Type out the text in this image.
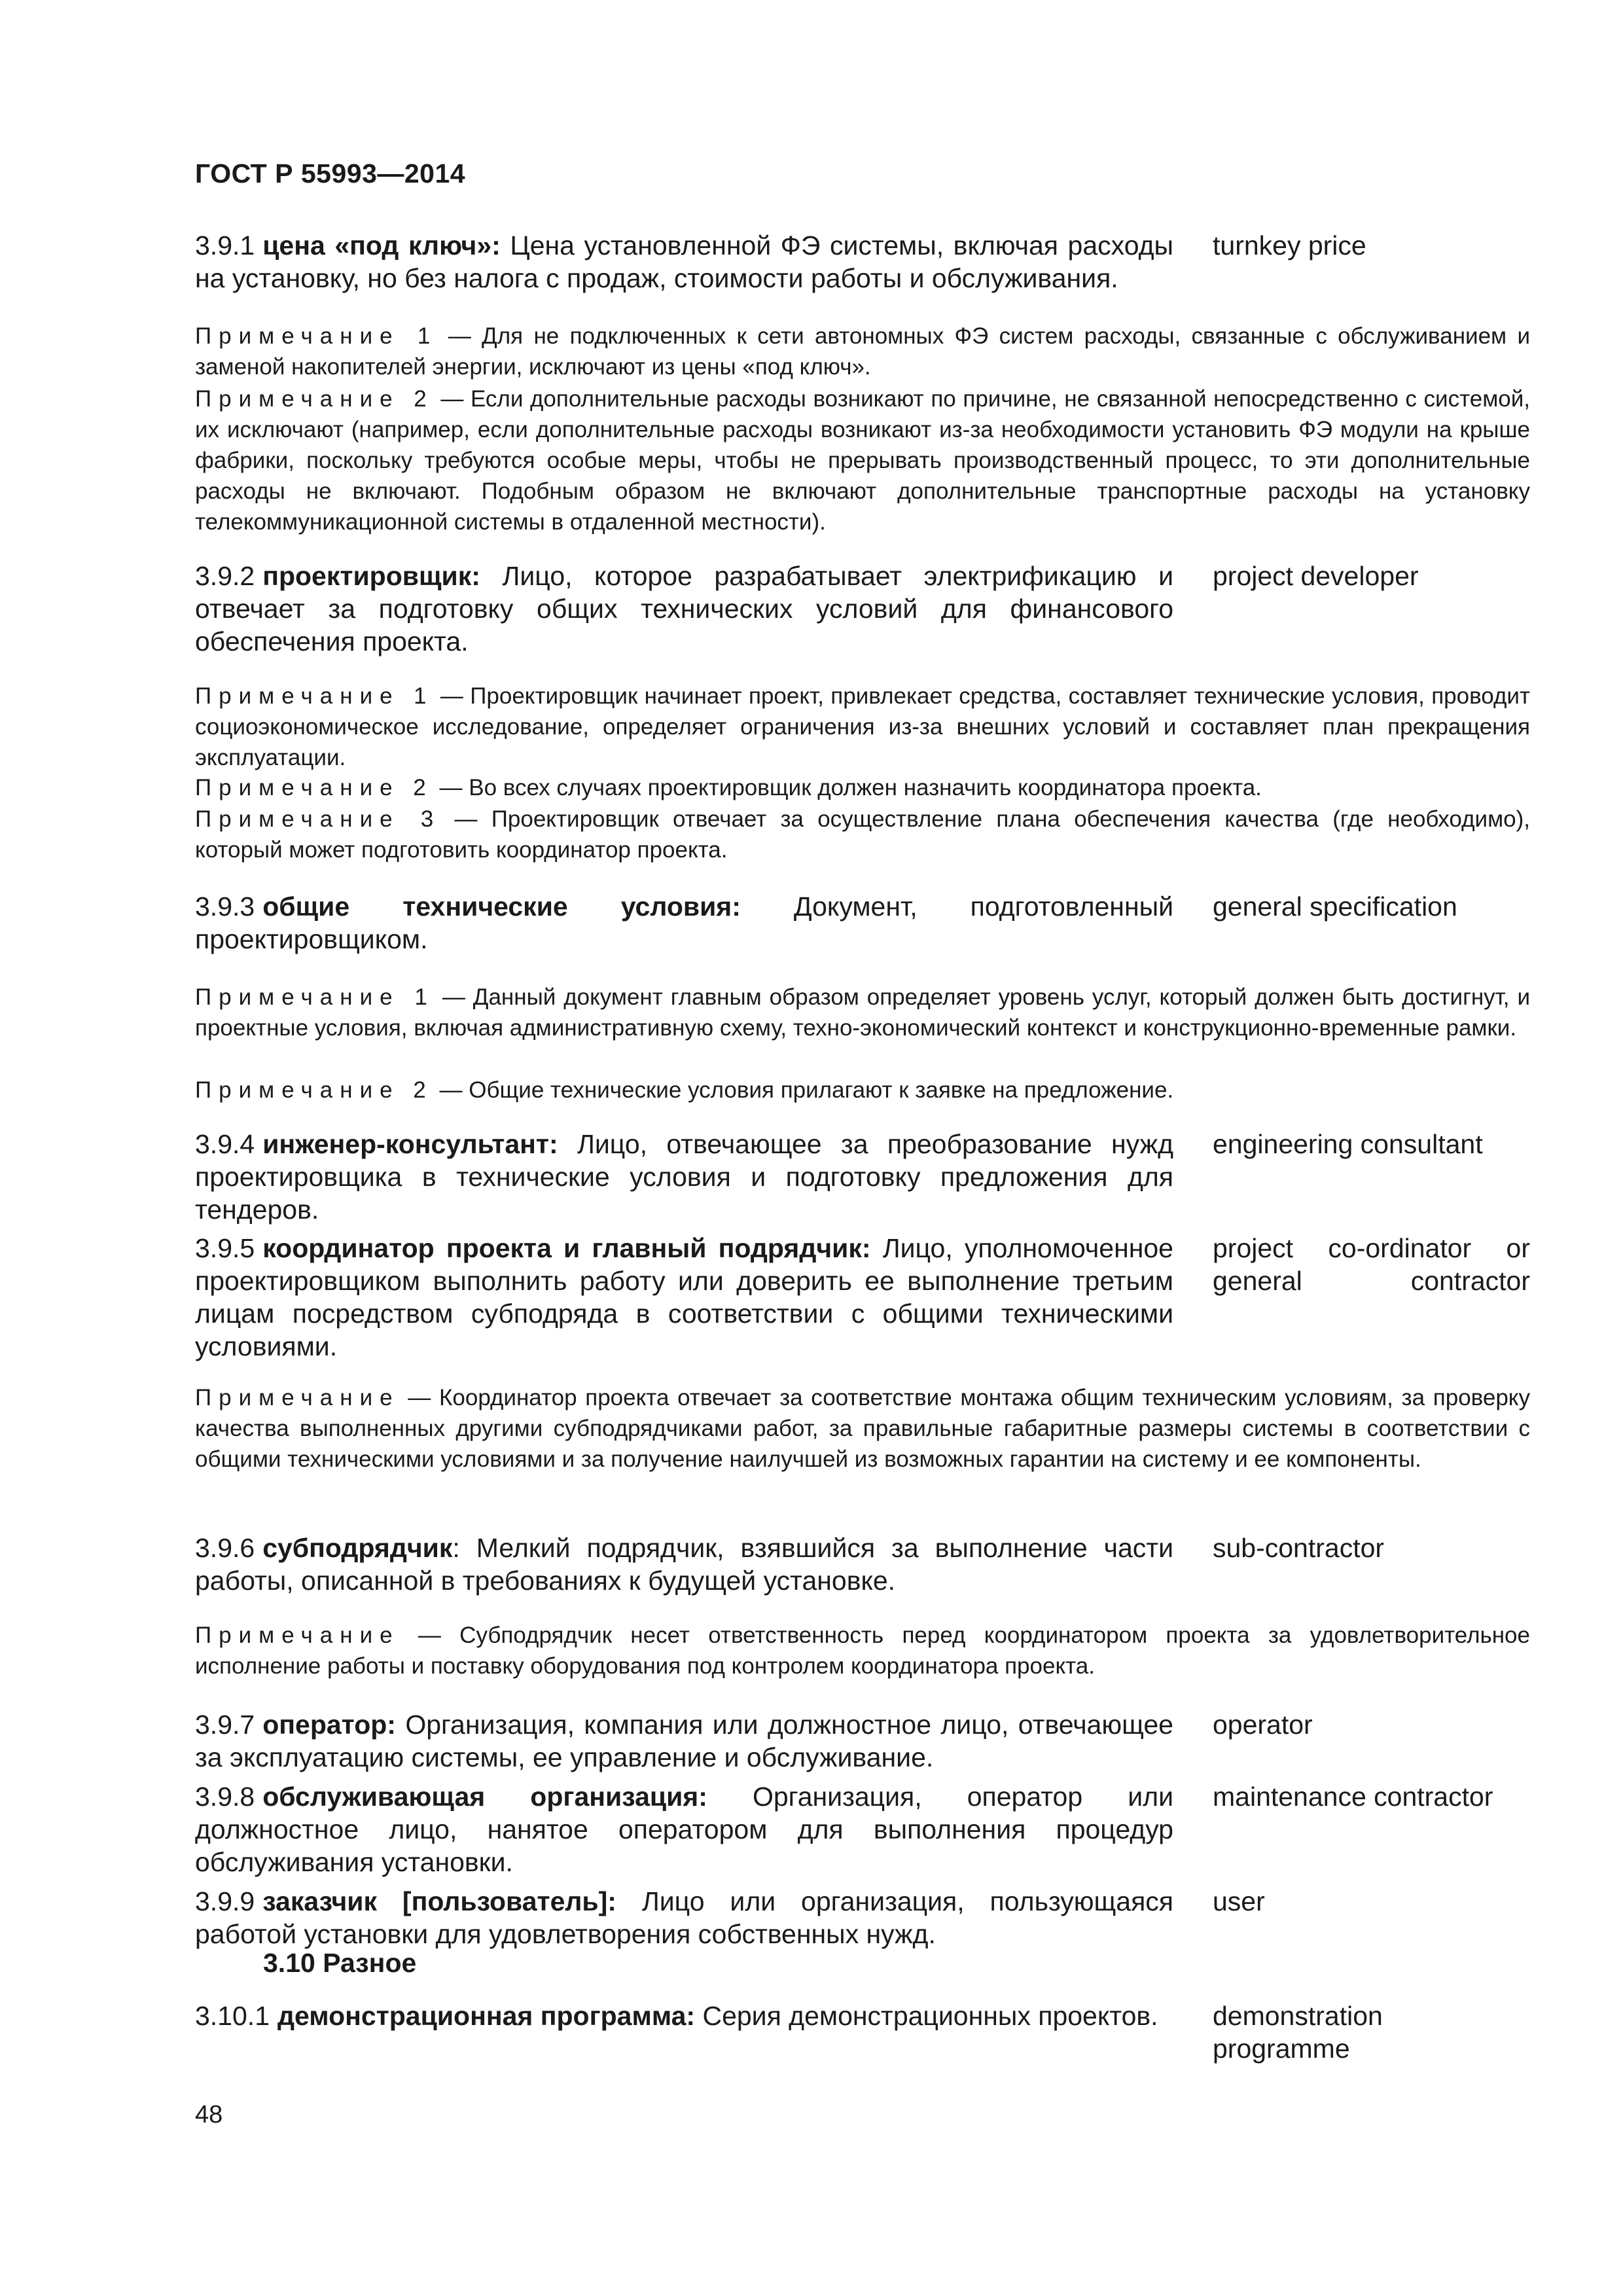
ГОСТ Р 55993—2014
3.9.1 цена «под ключ»: Цена установленной ФЭ системы, включая расходы на установку, но без налога с продаж, стоимости работы и обслуживания.
turnkey price
Примечание 1 — Для не подключенных к сети автономных ФЭ систем расходы, связанные с обслуживанием и заменой накопителей энергии, исключают из цены «под ключ».
Примечание 2 — Если дополнительные расходы возникают по причине, не связанной непосредственно с системой, их исключают (например, если дополнительные расходы возникают из-за необходимости установить ФЭ модули на крыше фабрики, поскольку требуются особые меры, чтобы не прерывать производственный процесс, то эти дополнительные расходы не включают. Подобным образом не включают дополнительные транспортные расходы на установку телекоммуникационной системы в отдаленной местности).
3.9.2 проектировщик: Лицо, которое разрабатывает электрификацию и отвечает за подготовку общих технических условий для финансового обеспечения проекта.
project developer
Примечание 1 — Проектировщик начинает проект, привлекает средства, составляет технические условия, проводит социоэкономическое исследование, определяет ограничения из-за внешних условий и составляет план прекращения эксплуатации.
Примечание 2 — Во всех случаях проектировщик должен назначить координатора проекта.
Примечание 3 — Проектировщик отвечает за осуществление плана обеспечения качества (где необходимо), который может подготовить координатор проекта.
3.9.3 общие технические условия: Документ, подготовленный проектировщиком.
general specification
Примечание 1 — Данный документ главным образом определяет уровень услуг, который должен быть достигнут, и проектные условия, включая административную схему, техно-экономический контекст и конструкционно-временные рамки.
Примечание 2 — Общие технические условия прилагают к заявке на предложение.
3.9.4 инженер-консультант: Лицо, отвечающее за преобразование нужд проектировщика в технические условия и подготовку предложения для тендеров.
engineering consultant
3.9.5 координатор проекта и главный подрядчик: Лицо, уполномоченное проектировщиком выполнить работу или доверить ее выполнение третьим лицам посредством субподряда в соответствии с общими техническими условиями.
project co-ordinator or general contractor
Примечание — Координатор проекта отвечает за соответствие монтажа общим техническим условиям, за проверку качества выполненных другими субподрядчиками работ, за правильные габаритные размеры системы в соответствии с общими техническими условиями и за получение наилучшей из возможных гарантии на систему и ее компоненты.
3.9.6 субподрядчик: Мелкий подрядчик, взявшийся за выполнение части работы, описанной в требованиях к будущей установке.
sub-contractor
Примечание — Субподрядчик несет ответственность перед координатором проекта за удовлетворительное исполнение работы и поставку оборудования под контролем координатора проекта.
3.9.7 оператор: Организация, компания или должностное лицо, отвечающее за эксплуатацию системы, ее управление и обслуживание.
operator
3.9.8 обслуживающая организация: Организация, оператор или должностное лицо, нанятое оператором для выполнения процедур обслуживания установки.
maintenance contractor
3.9.9 заказчик [пользователь]: Лицо или организация, пользующаяся работой установки для удовлетворения собственных нужд.
user
3.10 Разное
3.10.1 демонстрационная программа: Серия демонстрационных проектов.	demonstration programme
48
